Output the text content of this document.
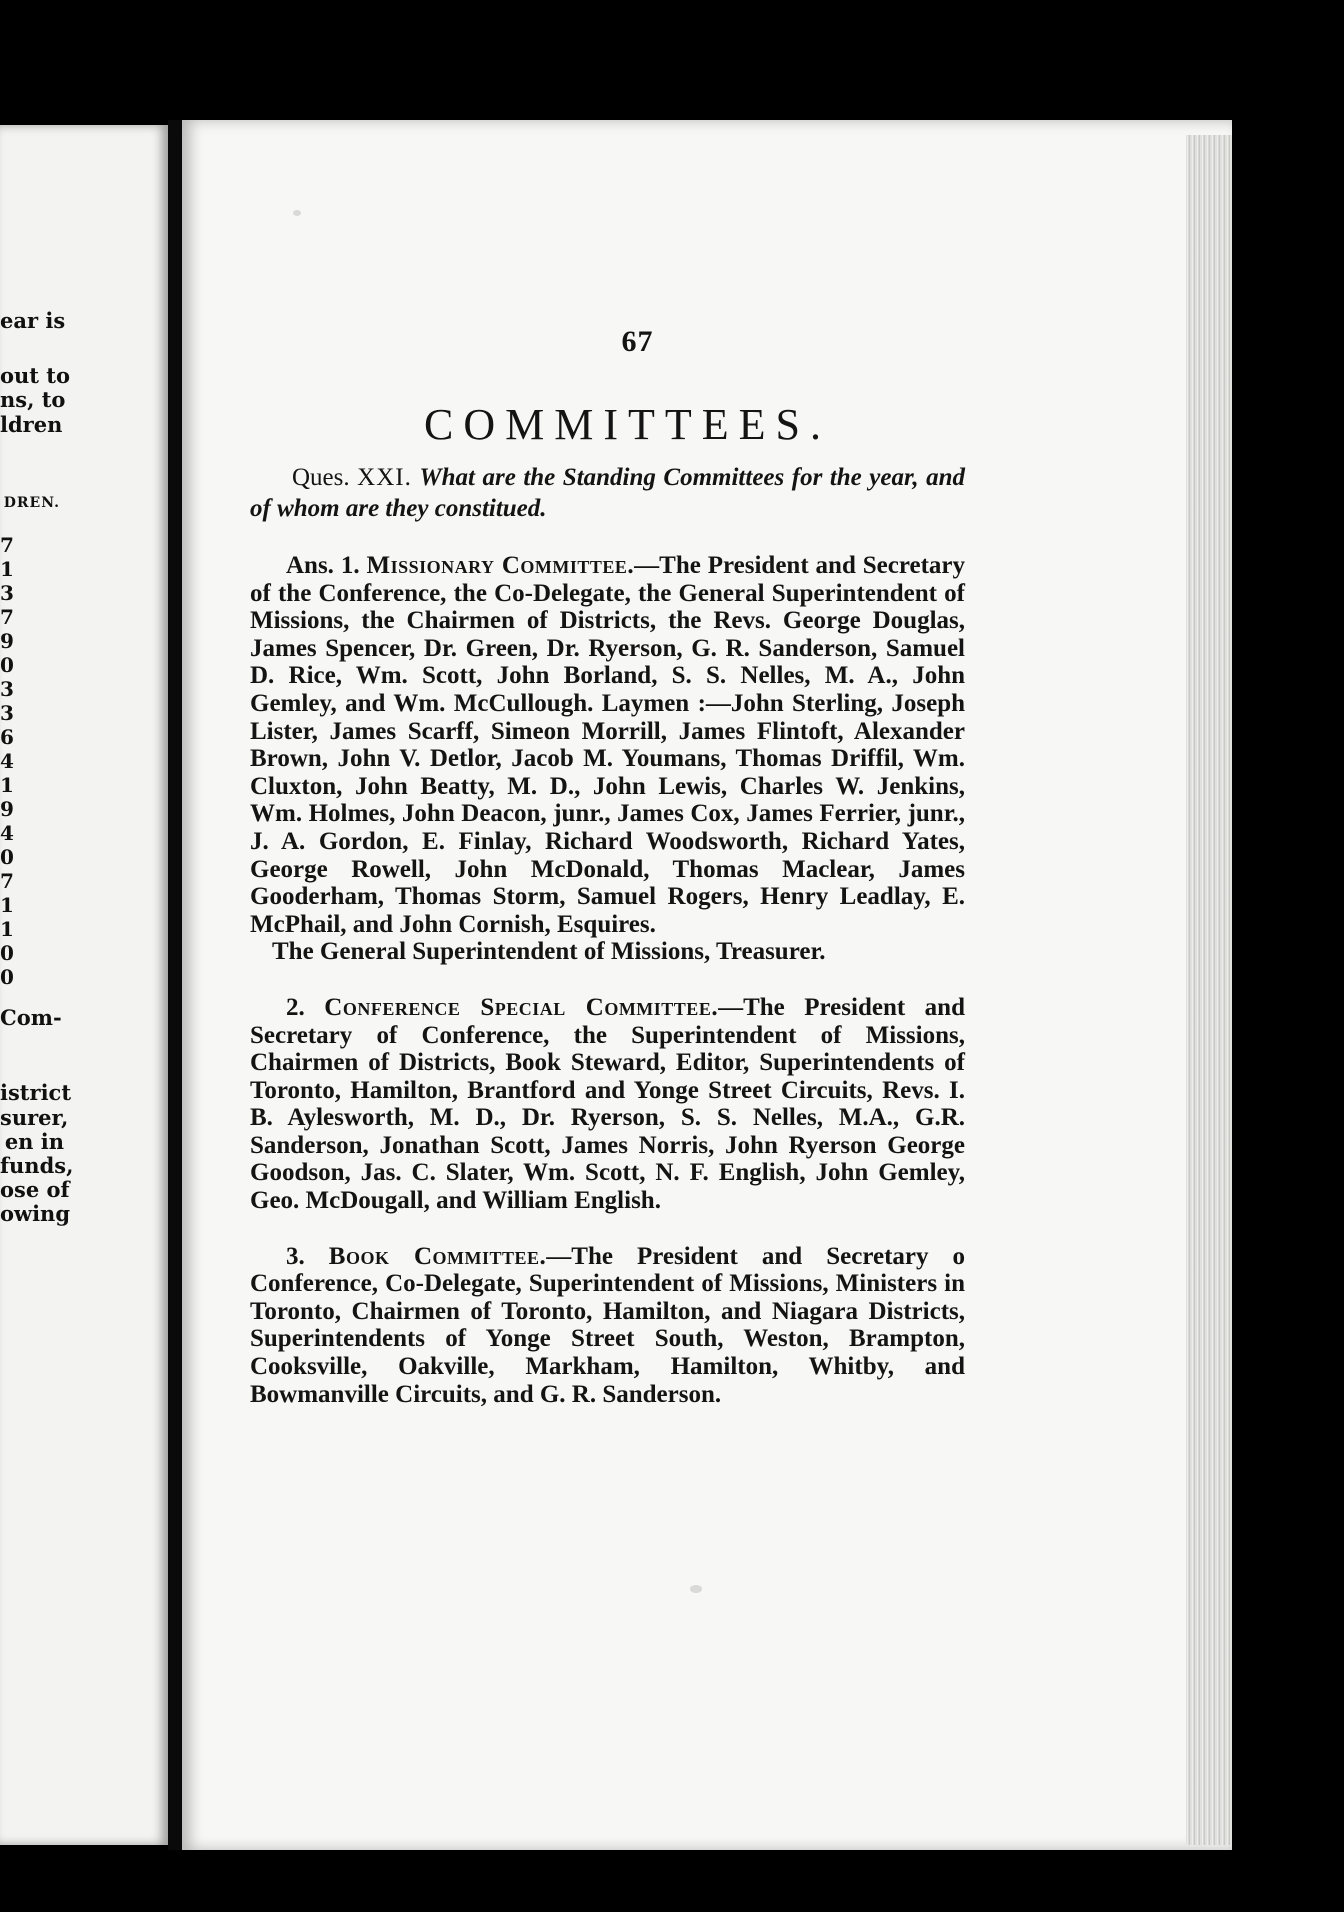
ear is
out to
ns, to
ldren
DREN.
7
1
3
7
9
0
3
3
6
4
1
9
4
0
7
1
1
0
0
Com-
istrict
surer,
en in
funds,
ose of
owing
67
COMMITTEES.

Ques. XXI. What are the Standing Committees for the year, and of whom are they constitued.

Ans. 1. Missionary Committee.—The President and Secretary of the Conference, the Co-Delegate, the General Superintendent of Missions, the Chairmen of Districts, the Revs. George Douglas, James Spencer, Dr. Green, Dr. Ryerson, G. R. Sanderson, Samuel D. Rice, Wm. Scott, John Borland, S. S. Nelles, M. A., John Gemley, and Wm. McCullough. Laymen :—John Sterling, Joseph Lister, James Scarff, Simeon Morrill, James Flintoft, Alexander Brown, John V. Detlor, Jacob M. Youmans, Thomas Driffil, Wm. Cluxton, John Beatty, M. D., John Lewis, Charles W. Jenkins, Wm. Holmes, John Deacon, junr., James Cox, James Ferrier, junr., J. A. Gordon, E. Finlay, Richard Woodsworth, Richard Yates, George Rowell, John McDonald, Thomas Maclear, James Gooderham, Thomas Storm, Samuel Rogers, Henry Leadlay, E. McPhail, and John Cornish, Esquires.
The General Superintendent of Missions, Treasurer.

2. Conference Special Committee.—The President and Secretary of Conference, the Superintendent of Missions, Chairmen of Districts, Book Steward, Editor, Superintendents of Toronto, Hamilton, Brantford and Yonge Street Circuits, Revs. I. B. Aylesworth, M. D., Dr. Ryerson, S. S. Nelles, M.A., G.R. Sanderson, Jonathan Scott, James Norris, John Ryerson George Goodson, Jas. C. Slater, Wm. Scott, N. F. English, John Gemley, Geo. McDougall, and William English.

3. Book Committee.—The President and Secretary o Conference, Co-Delegate, Superintendent of Missions, Ministers in Toronto, Chairmen of Toronto, Hamilton, and Niagara Districts, Superintendents of Yonge Street South, Weston, Brampton, Cooksville, Oakville, Markham, Hamilton, Whitby, and Bowmanville Circuits, and G. R. Sanderson.
